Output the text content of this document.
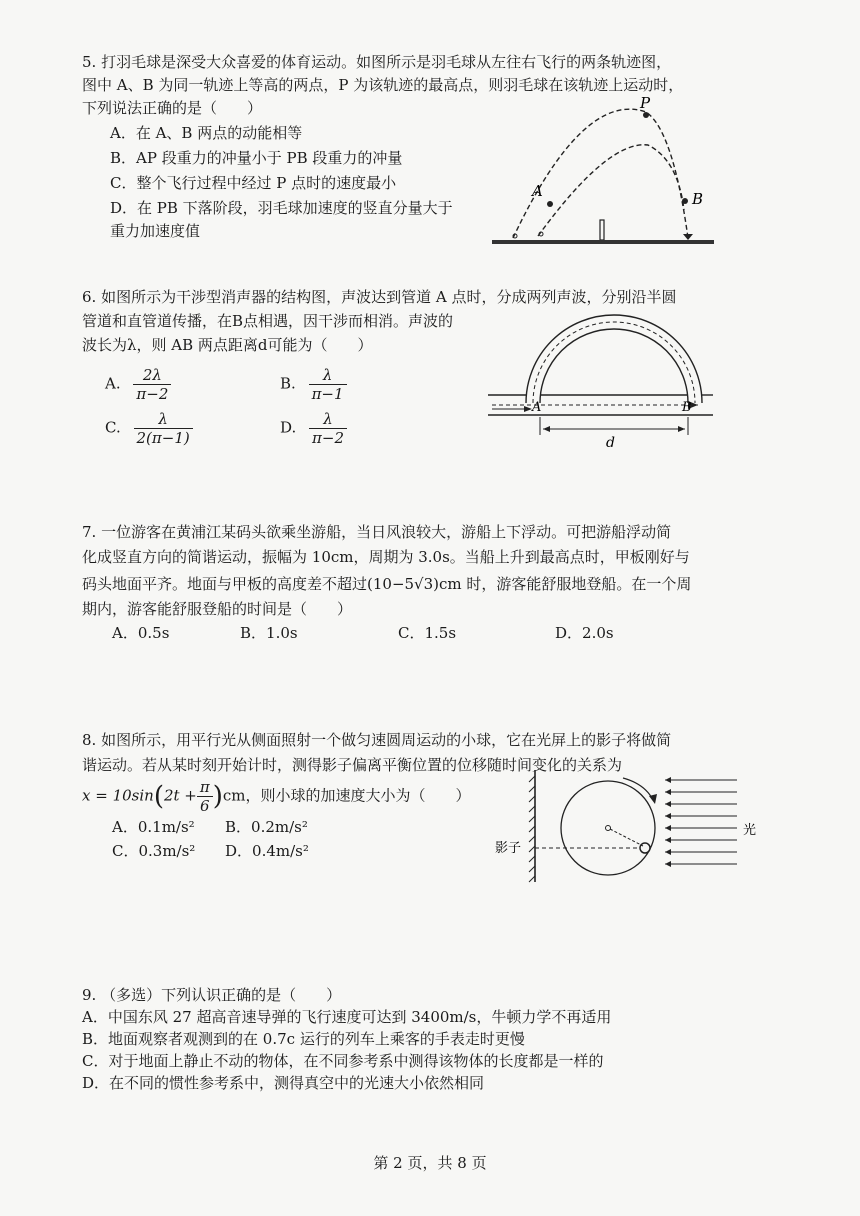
5. 打羽毛球是深受大众喜爱的体育运动。如图所示是羽毛球从左往右飞行的两条轨迹图，
图中 A、B 为同一轨迹上等高的两点，P 为该轨迹的最高点，则羽毛球在该轨迹上运动时，
下列说法正确的是（　　）
A．在 A、B 两点的动能相等
B．AP 段重力的冲量小于 PB 段重力的冲量
C．整个飞行过程中经过 P 点时的速度最小
D．在 PB 下落阶段，羽毛球加速度的竖直分量大于
重力加速度值
P
A	B
6. 如图所示为干涉型消声器的结构图，声波达到管道 A 点时，分成两列声波，分别沿半圆
管道和直管道传播，在B点相遇，因干涉而相消。声波的
波长为λ，则 AB 两点距离d可能为（　　）
A. $\frac{2\lambda}{\pi-2}$	B. $\frac{\lambda}{\pi-1}$
C. $\frac{\lambda}{2(\pi-1)}$	D. $\frac{\lambda}{\pi-2}$
A	B
d
7. 一位游客在黄浦江某码头欲乘坐游船，当日风浪较大，游船上下浮动。可把游船浮动简
化成竖直方向的简谐运动，振幅为 10cm，周期为 3.0s。当船上升到最高点时，甲板刚好与
码头地面平齐。地面与甲板的高度差不超过(10−5√3)cm 时，游客能舒服地登船。在一个周
期内，游客能舒服登船的时间是（　　）
A．0.5s	B．1.0s	C．1.5s	D．2.0s
8. 如图所示，用平行光从侧面照射一个做匀速圆周运动的小球，它在光屏上的影子将做简
谐运动。若从某时刻开始计时，测得影子偏离平衡位置的位移随时间变化的关系为
$x = 10\sin(2t + \frac{\pi}{6} )cm$，则小球的加速度大小为（　　）
A．0.1m/s² B．0.2m/s²
C．0.3m/s² D．0.4m/s²	影子
光
9. （多选）下列认识正确的是（　　）
A．中国东风 27 超高音速导弹的飞行速度可达到 3400m/s，牛顿力学不再适用
B．地面观察者观测到的在 0.7c 运行的列车上乘客的手表走时更慢
C．对于地面上静止不动的物体，在不同参考系中测得该物体的长度都是一样的
D．在不同的惯性参考系中，测得真空中的光速大小依然相同
第 2 页，共 8 页
